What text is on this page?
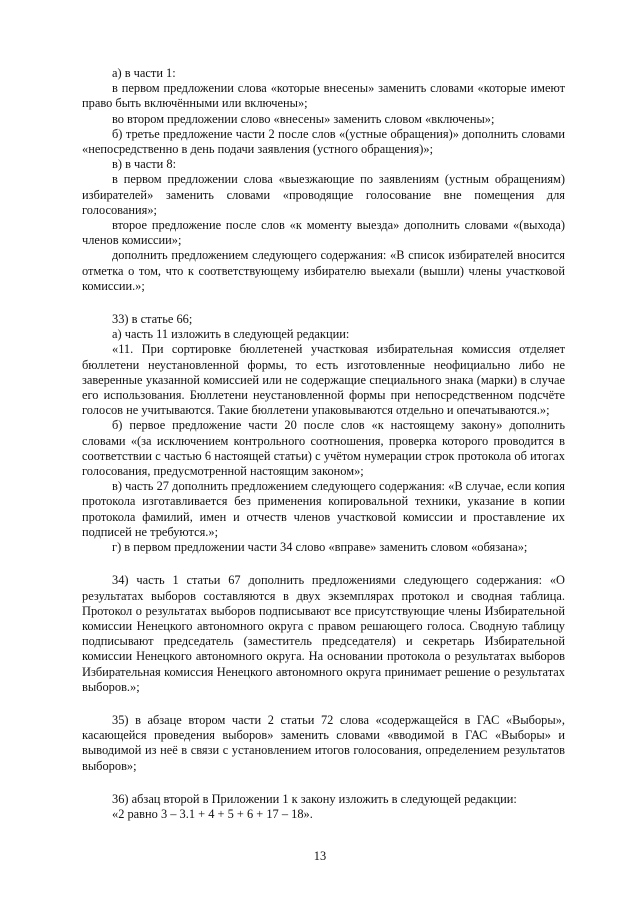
а) в части 1:

в первом предложении слова «которые внесены» заменить словами «которые имеют право быть включёнными или включены»;

во втором предложении слово «внесены» заменить словом «включены»;

б) третье предложение части 2 после слов «(устные обращения)» дополнить словами «непосредственно в день подачи заявления (устного обращения)»;

в) в части 8:

в первом предложении слова «выезжающие по заявлениям (устным обращениям) избирателей» заменить словами «проводящие голосование вне помещения для голосования»;

второе предложение после слов «к моменту выезда» дополнить словами «(выхода) членов комиссии»;

дополнить предложением следующего содержания: «В список избирателей вносится отметка о том, что к соответствующему избирателю выехали (вышли) члены участковой комиссии.»;

33) в статье 66;

а) часть 11 изложить в следующей редакции:

«11. При сортировке бюллетеней участковая избирательная комиссия отделяет бюллетени неустановленной формы, то есть изготовленные неофициально либо не заверенные указанной комиссией или не содержащие специального знака (марки) в случае его использования. Бюллетени неустановленной формы при непосредственном подсчёте голосов не учитываются. Такие бюллетени упаковываются отдельно и опечатываются.»;

б) первое предложение части 20 после слов «к настоящему закону» дополнить словами «(за исключением контрольного соотношения, проверка которого проводится в соответствии с частью 6 настоящей статьи) с учётом нумерации строк протокола об итогах голосования, предусмотренной настоящим законом»;

в) часть 27 дополнить предложением следующего содержания: «В случае, если копия протокола изготавливается без применения копировальной техники, указание в копии протокола фамилий, имен и отчеств членов участковой комиссии и проставление их подписей не требуются.»;

г) в первом предложении части 34 слово «вправе» заменить словом «обязана»;

34) часть 1 статьи 67 дополнить предложениями следующего содержания: «О результатах выборов составляются в двух экземплярах протокол и сводная таблица. Протокол о результатах выборов подписывают все присутствующие члены Избирательной комиссии Ненецкого автономного округа с правом решающего голоса. Сводную таблицу подписывают председатель (заместитель председателя) и секретарь Избирательной комиссии Ненецкого автономного округа. На основании протокола о результатах выборов Избирательная комиссия Ненецкого автономного округа принимает решение о результатах выборов.»;

35) в абзаце втором части 2 статьи 72 слова «содержащейся в ГАС «Выборы», касающейся проведения выборов» заменить словами «вводимой в ГАС «Выборы» и выводимой из неё в связи с установлением итогов голосования, определением результатов выборов»;

36) абзац второй в Приложении 1 к закону изложить в следующей редакции:

«2 равно 3 – 3.1 + 4 + 5 + 6 + 17 – 18».

13
